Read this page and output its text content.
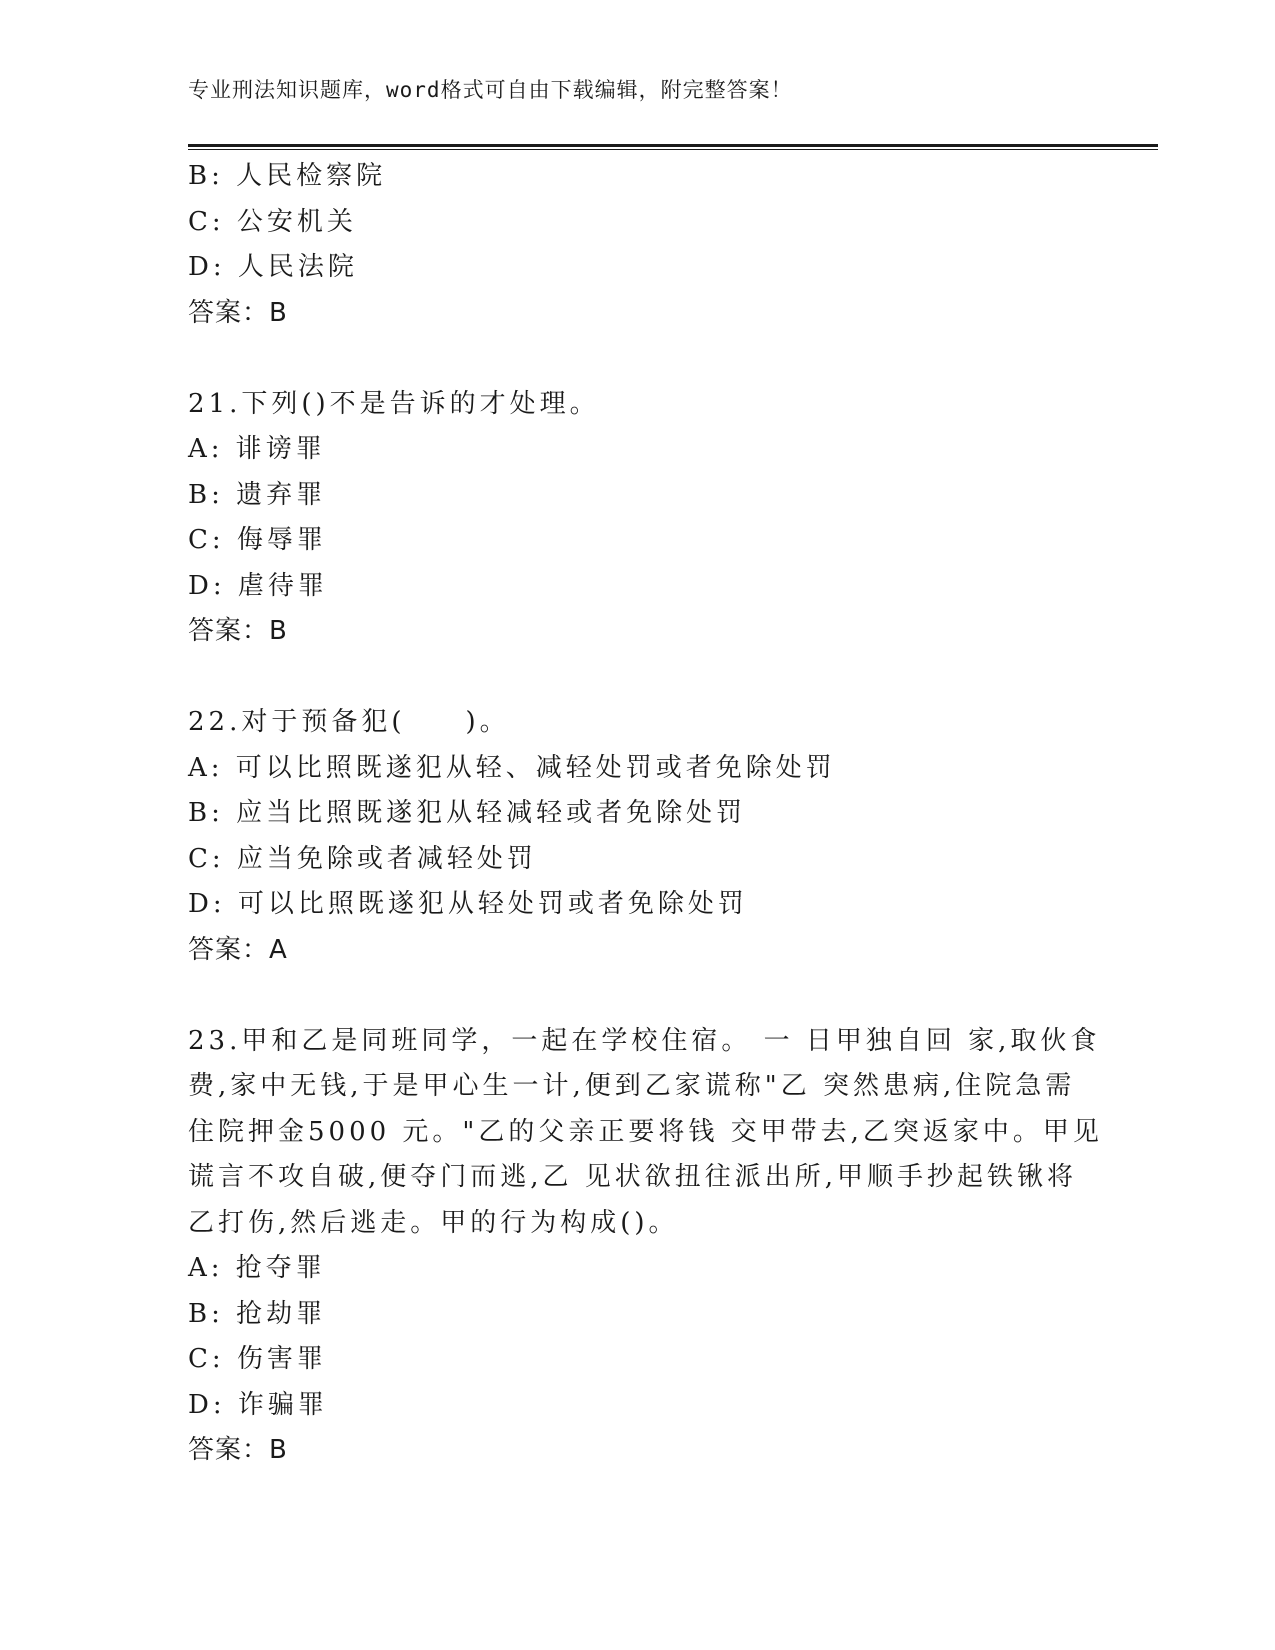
专业刑法知识题库，word格式可自由下载编辑，附完整答案！
B: 人民检察院
C: 公安机关
D: 人民法院
答案：B
21.下列()不是告诉的才处理。
A: 诽谤罪
B: 遗弃罪
C: 侮辱罪
D: 虐待罪
答案：B
22.对于预备犯(　　)。
A: 可以比照既遂犯从轻、减轻处罚或者免除处罚
B: 应当比照既遂犯从轻减轻或者免除处罚
C: 应当免除或者减轻处罚
D: 可以比照既遂犯从轻处罚或者免除处罚
答案：A
23.甲和乙是同班同学，一起在学校住宿。 一 日甲独自回 家,取伙食
费,家中无钱,于是甲心生一计,便到乙家谎称"乙 突然患病,住院急需
住院押金5000 元。"乙的父亲正要将钱 交甲带去,乙突返家中。甲见
谎言不攻自破,便夺门而逃,乙 见状欲扭往派出所,甲顺手抄起铁锹将
乙打伤,然后逃走。甲的行为构成()。
A: 抢夺罪
B: 抢劫罪
C: 伤害罪
D: 诈骗罪
答案：B
